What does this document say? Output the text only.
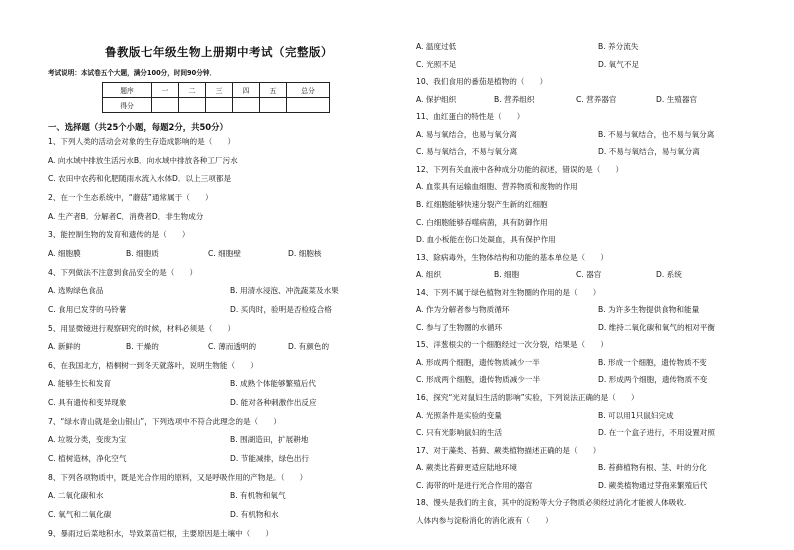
鲁教版七年级生物上册期中考试（完整版）
考试说明：本试卷五个大题，满分100分，时间90分钟．
题序	一	二	三	四	五	总分
得分						
一、选择题（共25个小题，每题2分，共50分）
1、下列人类的活动会对象的生存造成影响的是（　　）
A. 向水域中排放生活污水B．向水域中排放各种工厂污水
C. 农田中农药和化肥随雨水流入水体D．以上三项都是
2、在一个生态系统中，“蘑菇”通常属于（　　）
A. 生产者B．分解者C．消费者D．非生物成分
3、能控制生物的发育和遗传的是（　　）
A. 细胞膜	B. 细胞质	C. 细胞壁	D. 细胞核
4、下列做法不注意到食品安全的是（　　）
A. 选购绿色食品	B. 用清水浸泡、冲洗蔬菜及水果
C. 食用已发芽的马铃薯	D. 买肉时，验明是否检疫合格
5、用显微镜进行观察研究的时候，材料必须是（　　）
A. 新鲜的	B. 干燥的	C. 薄而透明的	D. 有颜色的
6、在我国北方，梧桐树一到冬天就落叶，说明生物能（　　）
A. 能够生长和发育	B. 成熟个体能够繁殖后代
C. 具有遗传和变异现象	D. 能对各种刺激作出反应
7、“绿水青山就是金山银山”，下列选项中不符合此理念的是（　　）
A. 垃圾分类，变废为宝	B. 围湖造田，扩展耕地
C. 植树造林，净化空气	D. 节能减排，绿色出行
8、下列各项物质中，既是光合作用的原料，又是呼吸作用的产物是。（　　）
A. 二氧化碳和水	B. 有机物和氧气
C. 氧气和二氧化碳	D. 有机物和水
9、暴雨过后菜地积水，导致菜苗烂根，主要原因是土壤中（　　）
A. 温度过低	B. 养分流失
C. 光照不足	D. 氧气不足
10、我们食用的番茄是植物的（　　）
A. 保护组织	B. 营养组织	C. 营养器官	D. 生殖器官
11、血红蛋白的特性是（　　）
A. 易与氧结合，也易与氧分离	B. 不易与氧结合，也不易与氧分离
C. 易与氧结合，不易与氧分离	D. 不易与氧结合，易与氧分离
12、下列有关血液中各种成分功能的叙述，错误的是（　　）
A. 血浆具有运输血细胞、营养物质和废物的作用
B. 红细胞能够快速分裂产生新的红细胞
C. 白细胞能够吞噬病菌，具有防御作用
D. 血小板能在伤口处凝血，具有保护作用
13、除病毒外，生物体结构和功能的基本单位是（　　）
A. 组织	B. 细胞	C. 器官	D. 系统
14、下列不属于绿色植物对生物圈的作用的是（　　）
A. 作为分解者参与物质循环	B. 为许多生物提供食物和能量
C. 参与了生物圈的水循环	D. 维持二氧化碳和氧气的相对平衡
15、洋葱根尖的一个细胞经过一次分裂，结果是（　　）
A. 形成两个细胞，遗传物质减少一半	B. 形成一个细胞，遗传物质不变
C. 形成两个细胞，遗传物质减少一半	D. 形成两个细胞，遗传物质不变
16、探究“光对鼠妇生活的影响”实验，下列说法正确的是（　　）
A. 光照条件是实验的变量	B. 可以用1只鼠妇完成
C. 只有光影响鼠妇的生活	D. 在一个盒子进行，不用设置对照
17、对于藻类、苔藓、蕨类植物描述正确的是（　　）
A. 蕨类比苔藓更适应陆地环境	B. 苔藓植物有根、茎、叶的分化
C. 海带的叶是进行光合作用的器官	D. 蕨类植物通过芽孢来繁殖后代
18、馒头是我们的主食，其中的淀粉等大分子物质必须经过消化才能被人体吸收.
人体内参与淀粉消化的消化液有（　　）
